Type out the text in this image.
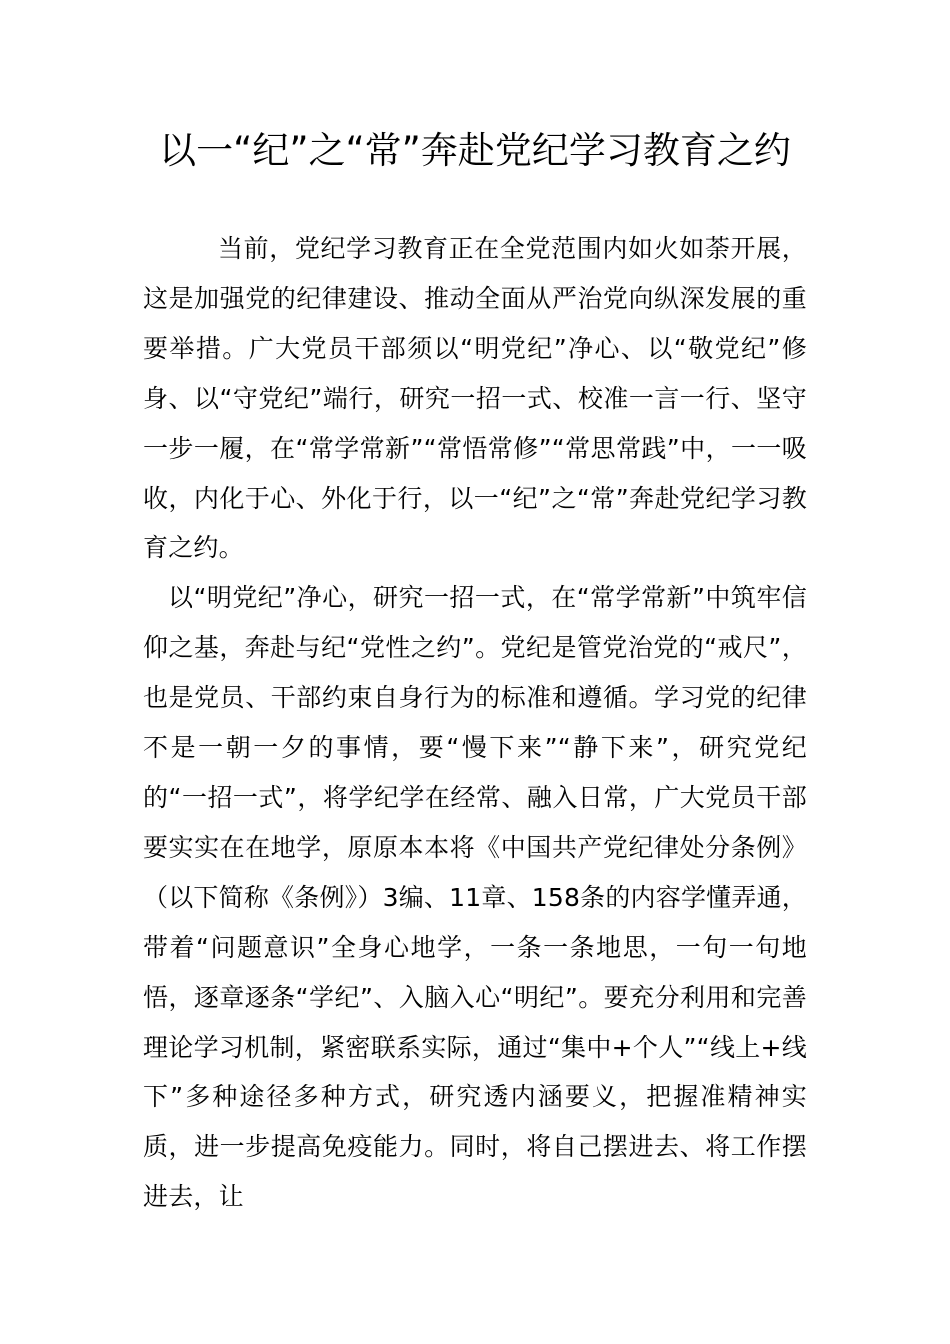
以一“纪”之“常”奔赴党纪学习教育之约

当前，党纪学习教育正在全党范围内如火如荼开展，这是加强党的纪律建设、推动全面从严治党向纵深发展的重要举措。广大党员干部须以“明党纪”净心、以“敬党纪”修身、以“守党纪”端行，研究一招一式、校准一言一行、坚守一步一履，在“常学常新”“常悟常修”“常思常践”中，一一吸收，内化于心、外化于行，以一“纪”之“常”奔赴党纪学习教育之约。

以“明党纪”净心，研究一招一式，在“常学常新”中筑牢信仰之基，奔赴与纪“党性之约”。党纪是管党治党的“戒尺”，也是党员、干部约束自身行为的标准和遵循。学习党的纪律不是一朝一夕的事情，要“慢下来”“静下来”，研究党纪的“一招一式”，将学纪学在经常、融入日常，广大党员干部要实实在在地学，原原本本将《中国共产党纪律处分条例》（以下简称《条例》）3编、11章、158条的内容学懂弄通，带着“问题意识”全身心地学，一条一条地思，一句一句地悟，逐章逐条“学纪”、入脑入心“明纪”。要充分利用和完善理论学习机制，紧密联系实际，通过“集中+个人”“线上+线下”多种途径多种方式，研究透内涵要义，把握准精神实质，进一步提高免疫能力。同时，将自己摆进去、将工作摆进去，让
